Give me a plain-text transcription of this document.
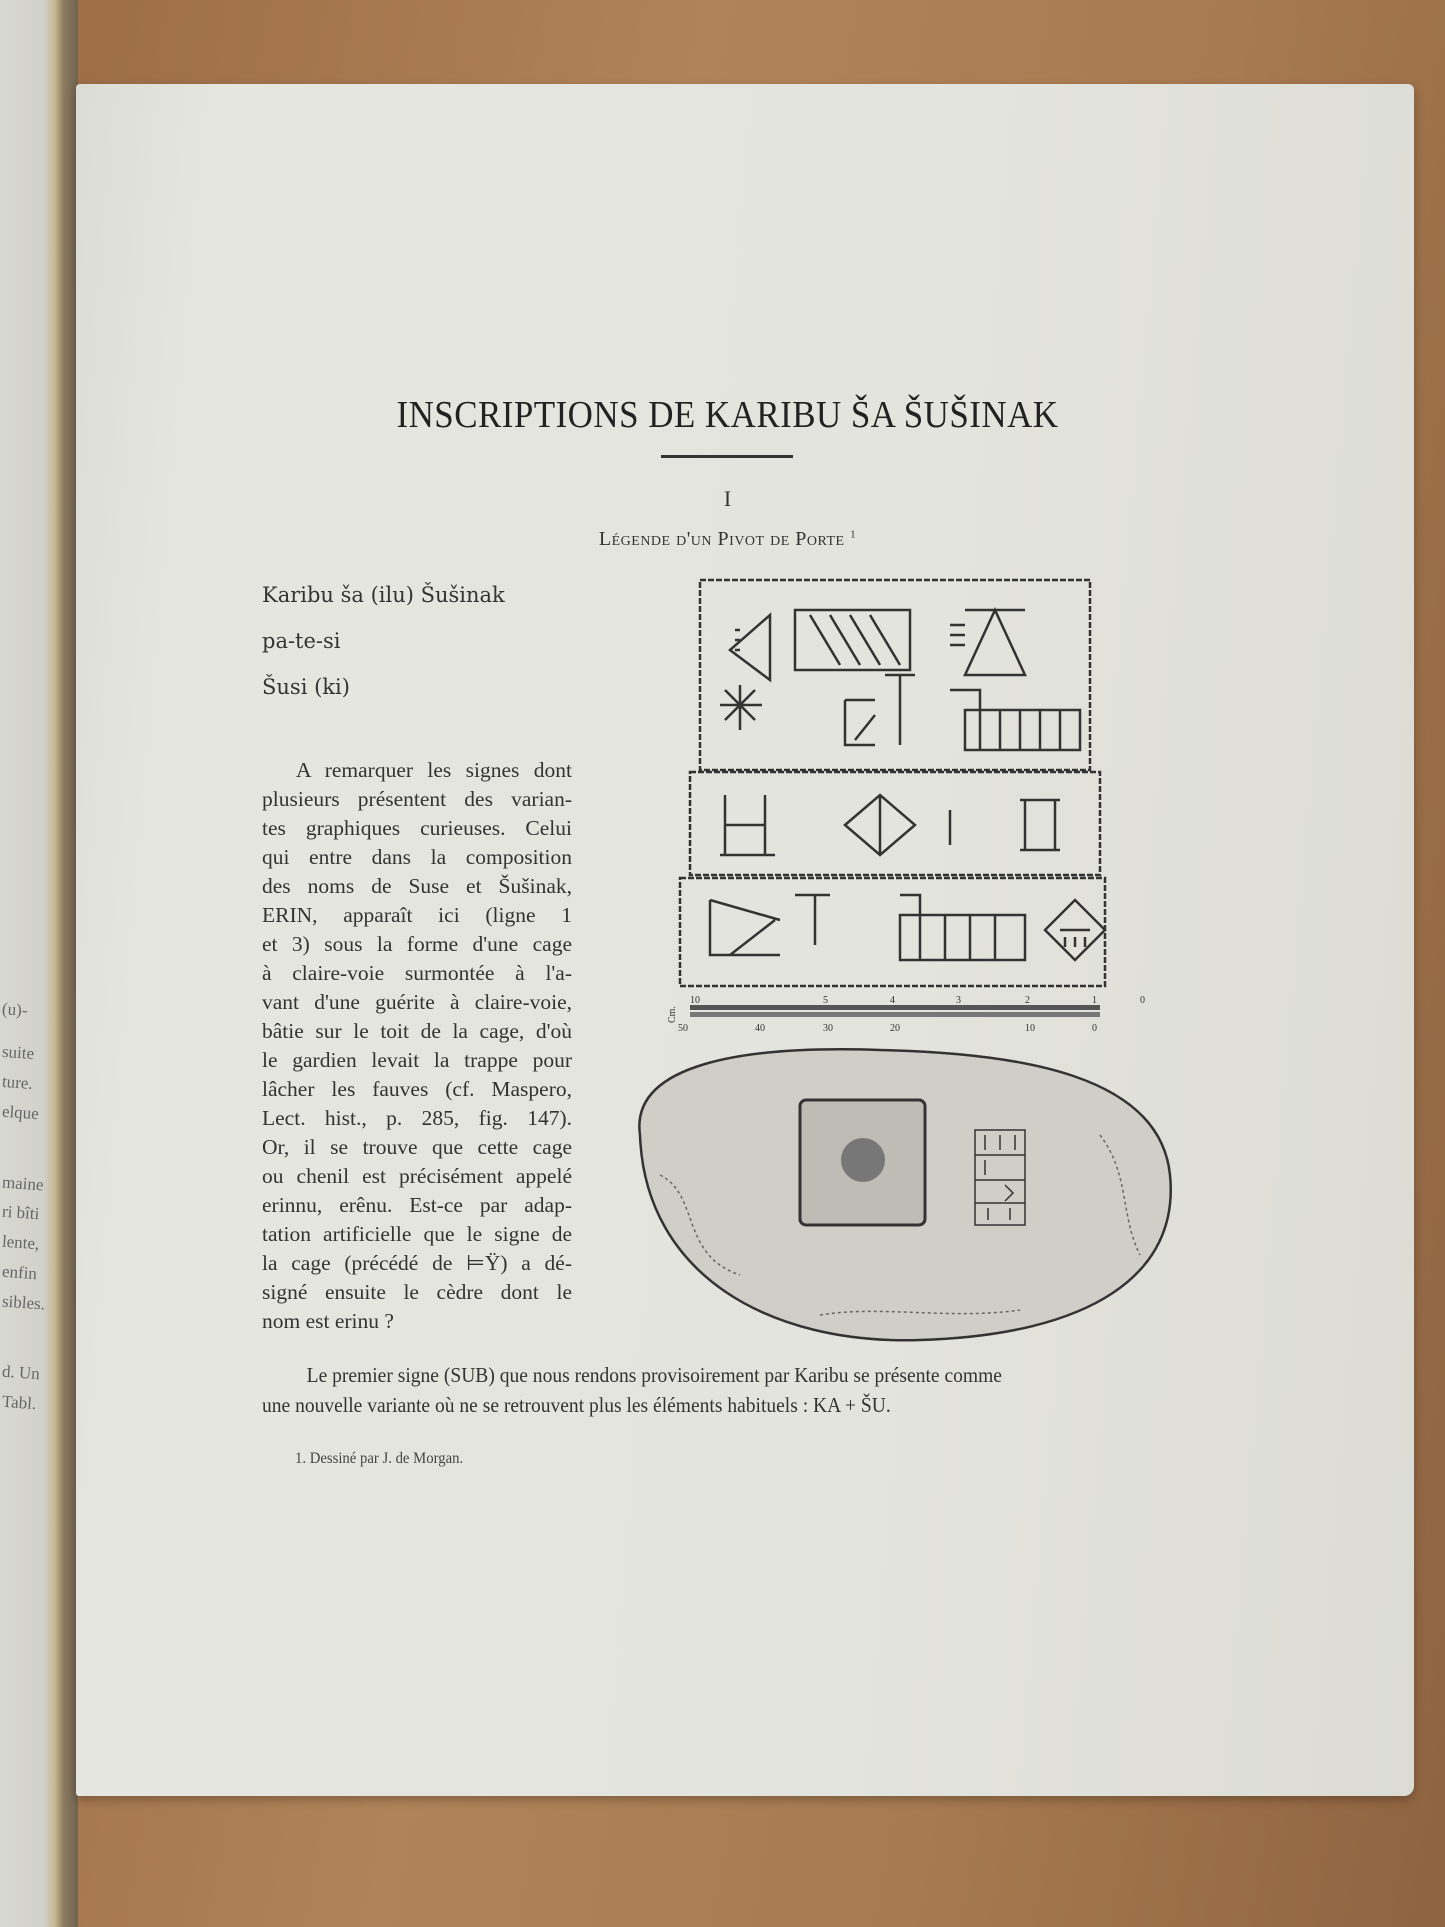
(u)-
suite
ture.
elque
maine
ri bîti
lente,
enfin
sibles.
d. Un
Tabl.
INSCRIPTIONS DE KARIBU ŠA ŠUŠINAK
I
Légende d'un Pivot de Porte $^1$
Karibu ša (ilu) Šušinak
pa-te-si
Šusi (ki)
A remarquer les signes dont
plusieurs présentent des varian-
tes graphiques curieuses. Celui
qui entre dans la composition
des noms de Suse et Šušinak,
ERIN, apparaît ici (ligne 1
et 3) sous la forme d'une cage
à claire-voie surmontée à l'a-
vant d'une guérite à claire-voie,
bâtie sur le toit de la cage, d'où
le gardien levait la trappe pour
lâcher les fauves (cf. Maspero,
Lect. hist., p. 285, fig. 147).
Or, il se trouve que cette cage
ou chenil est précisément appelé
erinnu, erênu. Est-ce par adap-
tation artificielle que le signe de
la cage (précédé de ⊨Ϋ) a dé-
signé ensuite le cèdre dont le
nom est erinu ?
Cm.
10	5	4	3	2	1	0
50	40	30	20	10	0
Le premier signe (SUB) que nous rendons provisoirement par Karibu se présente comme
une nouvelle variante où ne se retrouvent plus les éléments habituels : KA + ŠU.
1. Dessiné par J. de Morgan.
